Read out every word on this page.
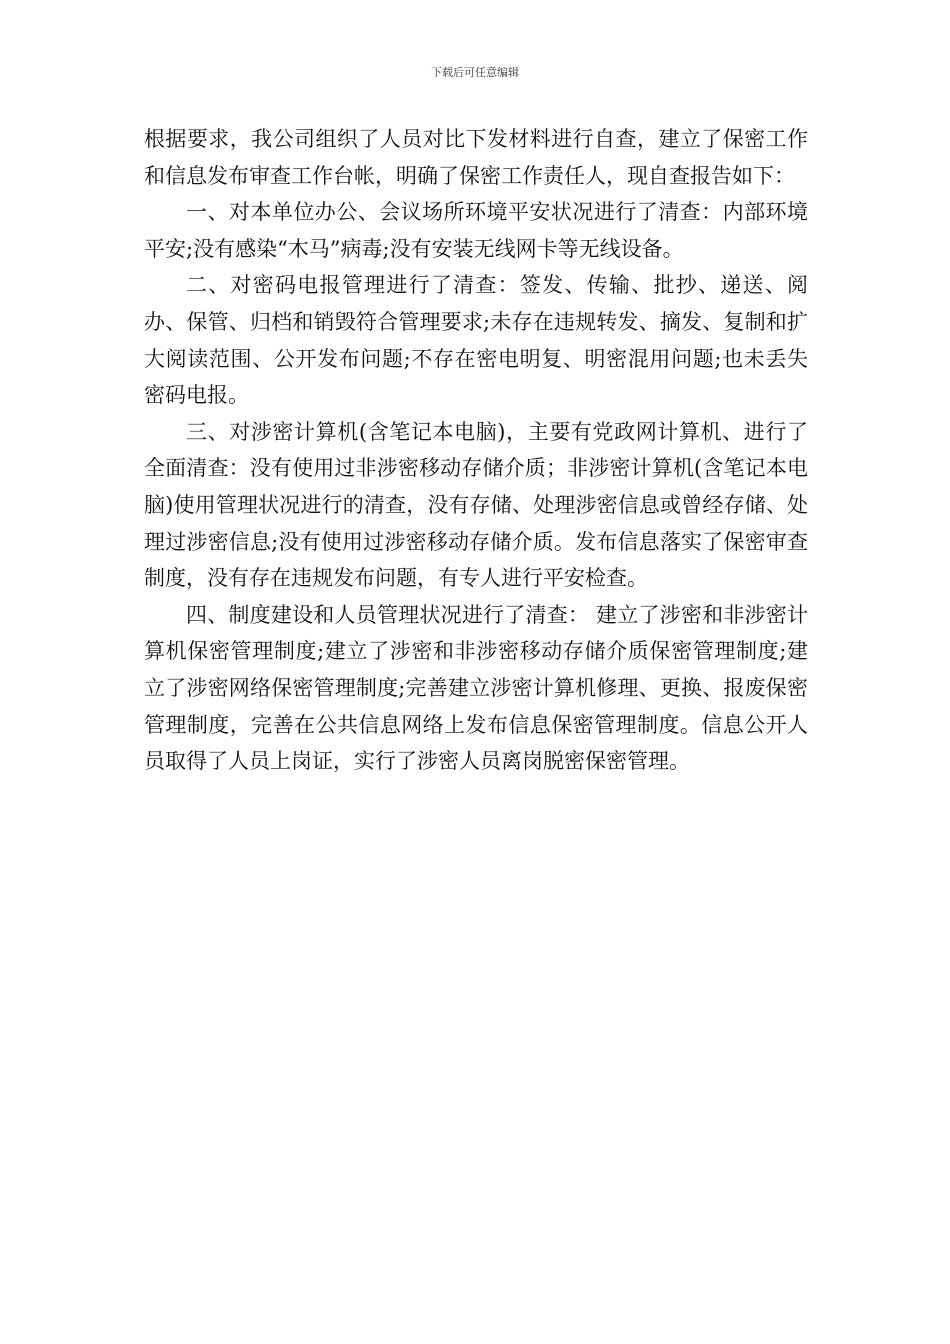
下载后可任意编辑

根据要求，我公司组织了人员对比下发材料进行自查，建立了保密工作和信息发布审查工作台帐，明确了保密工作责任人，现自查报告如下：

一、对本单位办公、会议场所环境平安状况进行了清查：内部环境平安;没有感染“木马”病毒;没有安装无线网卡等无线设备。

二、对密码电报管理进行了清查：签发、传输、批抄、递送、阅办、保管、归档和销毁符合管理要求;未存在违规转发、摘发、复制和扩大阅读范围、公开发布问题;不存在密电明复、明密混用问题;也未丢失密码电报。

三、对涉密计算机(含笔记本电脑)，主要有党政网计算机、进行了全面清查：没有使用过非涉密移动存储介质；非涉密计算机(含笔记本电脑)使用管理状况进行的清查，没有存储、处理涉密信息或曾经存储、处理过涉密信息;没有使用过涉密移动存储介质。发布信息落实了保密审查制度，没有存在违规发布问题，有专人进行平安检查。

四、制度建设和人员管理状况进行了清查： 建立了涉密和非涉密计算机保密管理制度;建立了涉密和非涉密移动存储介质保密管理制度;建立了涉密网络保密管理制度;完善建立涉密计算机修理、更换、报废保密管理制度，完善在公共信息网络上发布信息保密管理制度。信息公开人员取得了人员上岗证，实行了涉密人员离岗脱密保密管理。
